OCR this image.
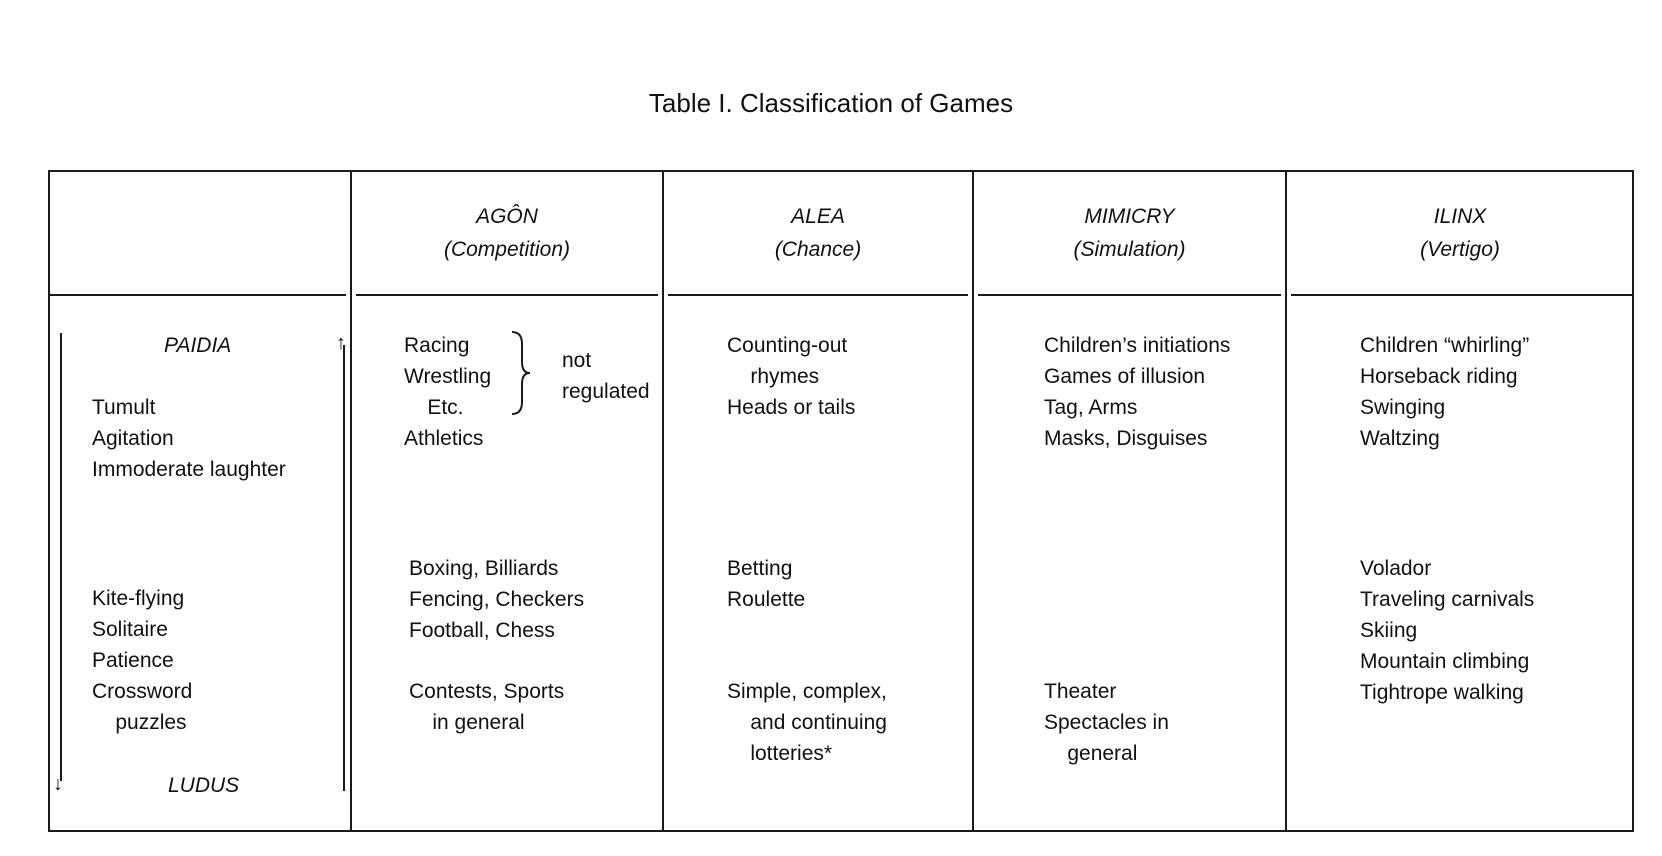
Table I. Classification of Games
AGÔN
(Competition)
ALEA
(Chance)
MIMICRY
(Simulation)
ILINX
(Vertigo)
PAIDIA
LUDUS
↓
↑
Tumult
Agitation
Immoderate laughter
Kite-flying
Solitaire
Patience
Crossword
puzzles
Racing
Wrestling
Etc.
not
regulated
Athletics
Boxing, Billiards
Fencing, Checkers
Football, Chess
Contests, Sports
in general
Counting-out
rhymes
Heads or tails
Betting
Roulette
Simple, complex,
and continuing
lotteries*
Children’s initiations
Games of illusion
Tag, Arms
Masks, Disguises
Theater
Spectacles in
general
Children “whirling”
Horseback riding
Swinging
Waltzing
Volador
Traveling carnivals
Skiing
Mountain climbing
Tightrope walking
